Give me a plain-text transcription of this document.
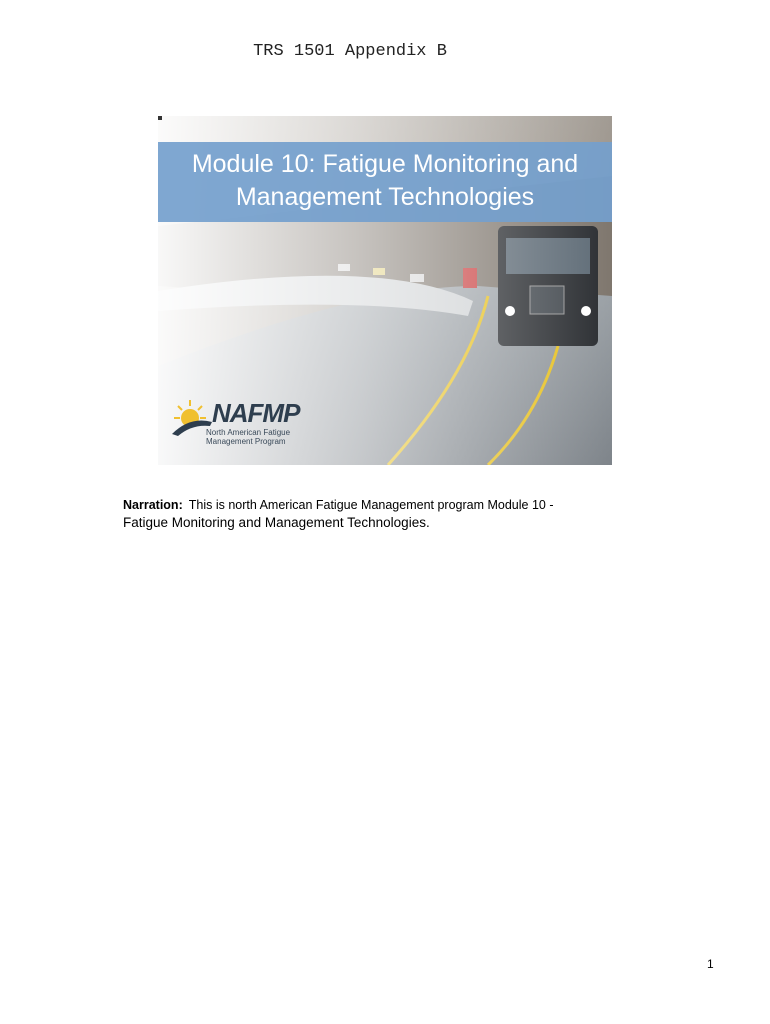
TRS 1501 Appendix B
Module 10: Fatigue Monitoring and
Management Technologies
NAFMP
North American Fatigue
Management Program
Narration: This is north American Fatigue Management program Module 10 -
Fatigue Monitoring and Management Technologies.
1
